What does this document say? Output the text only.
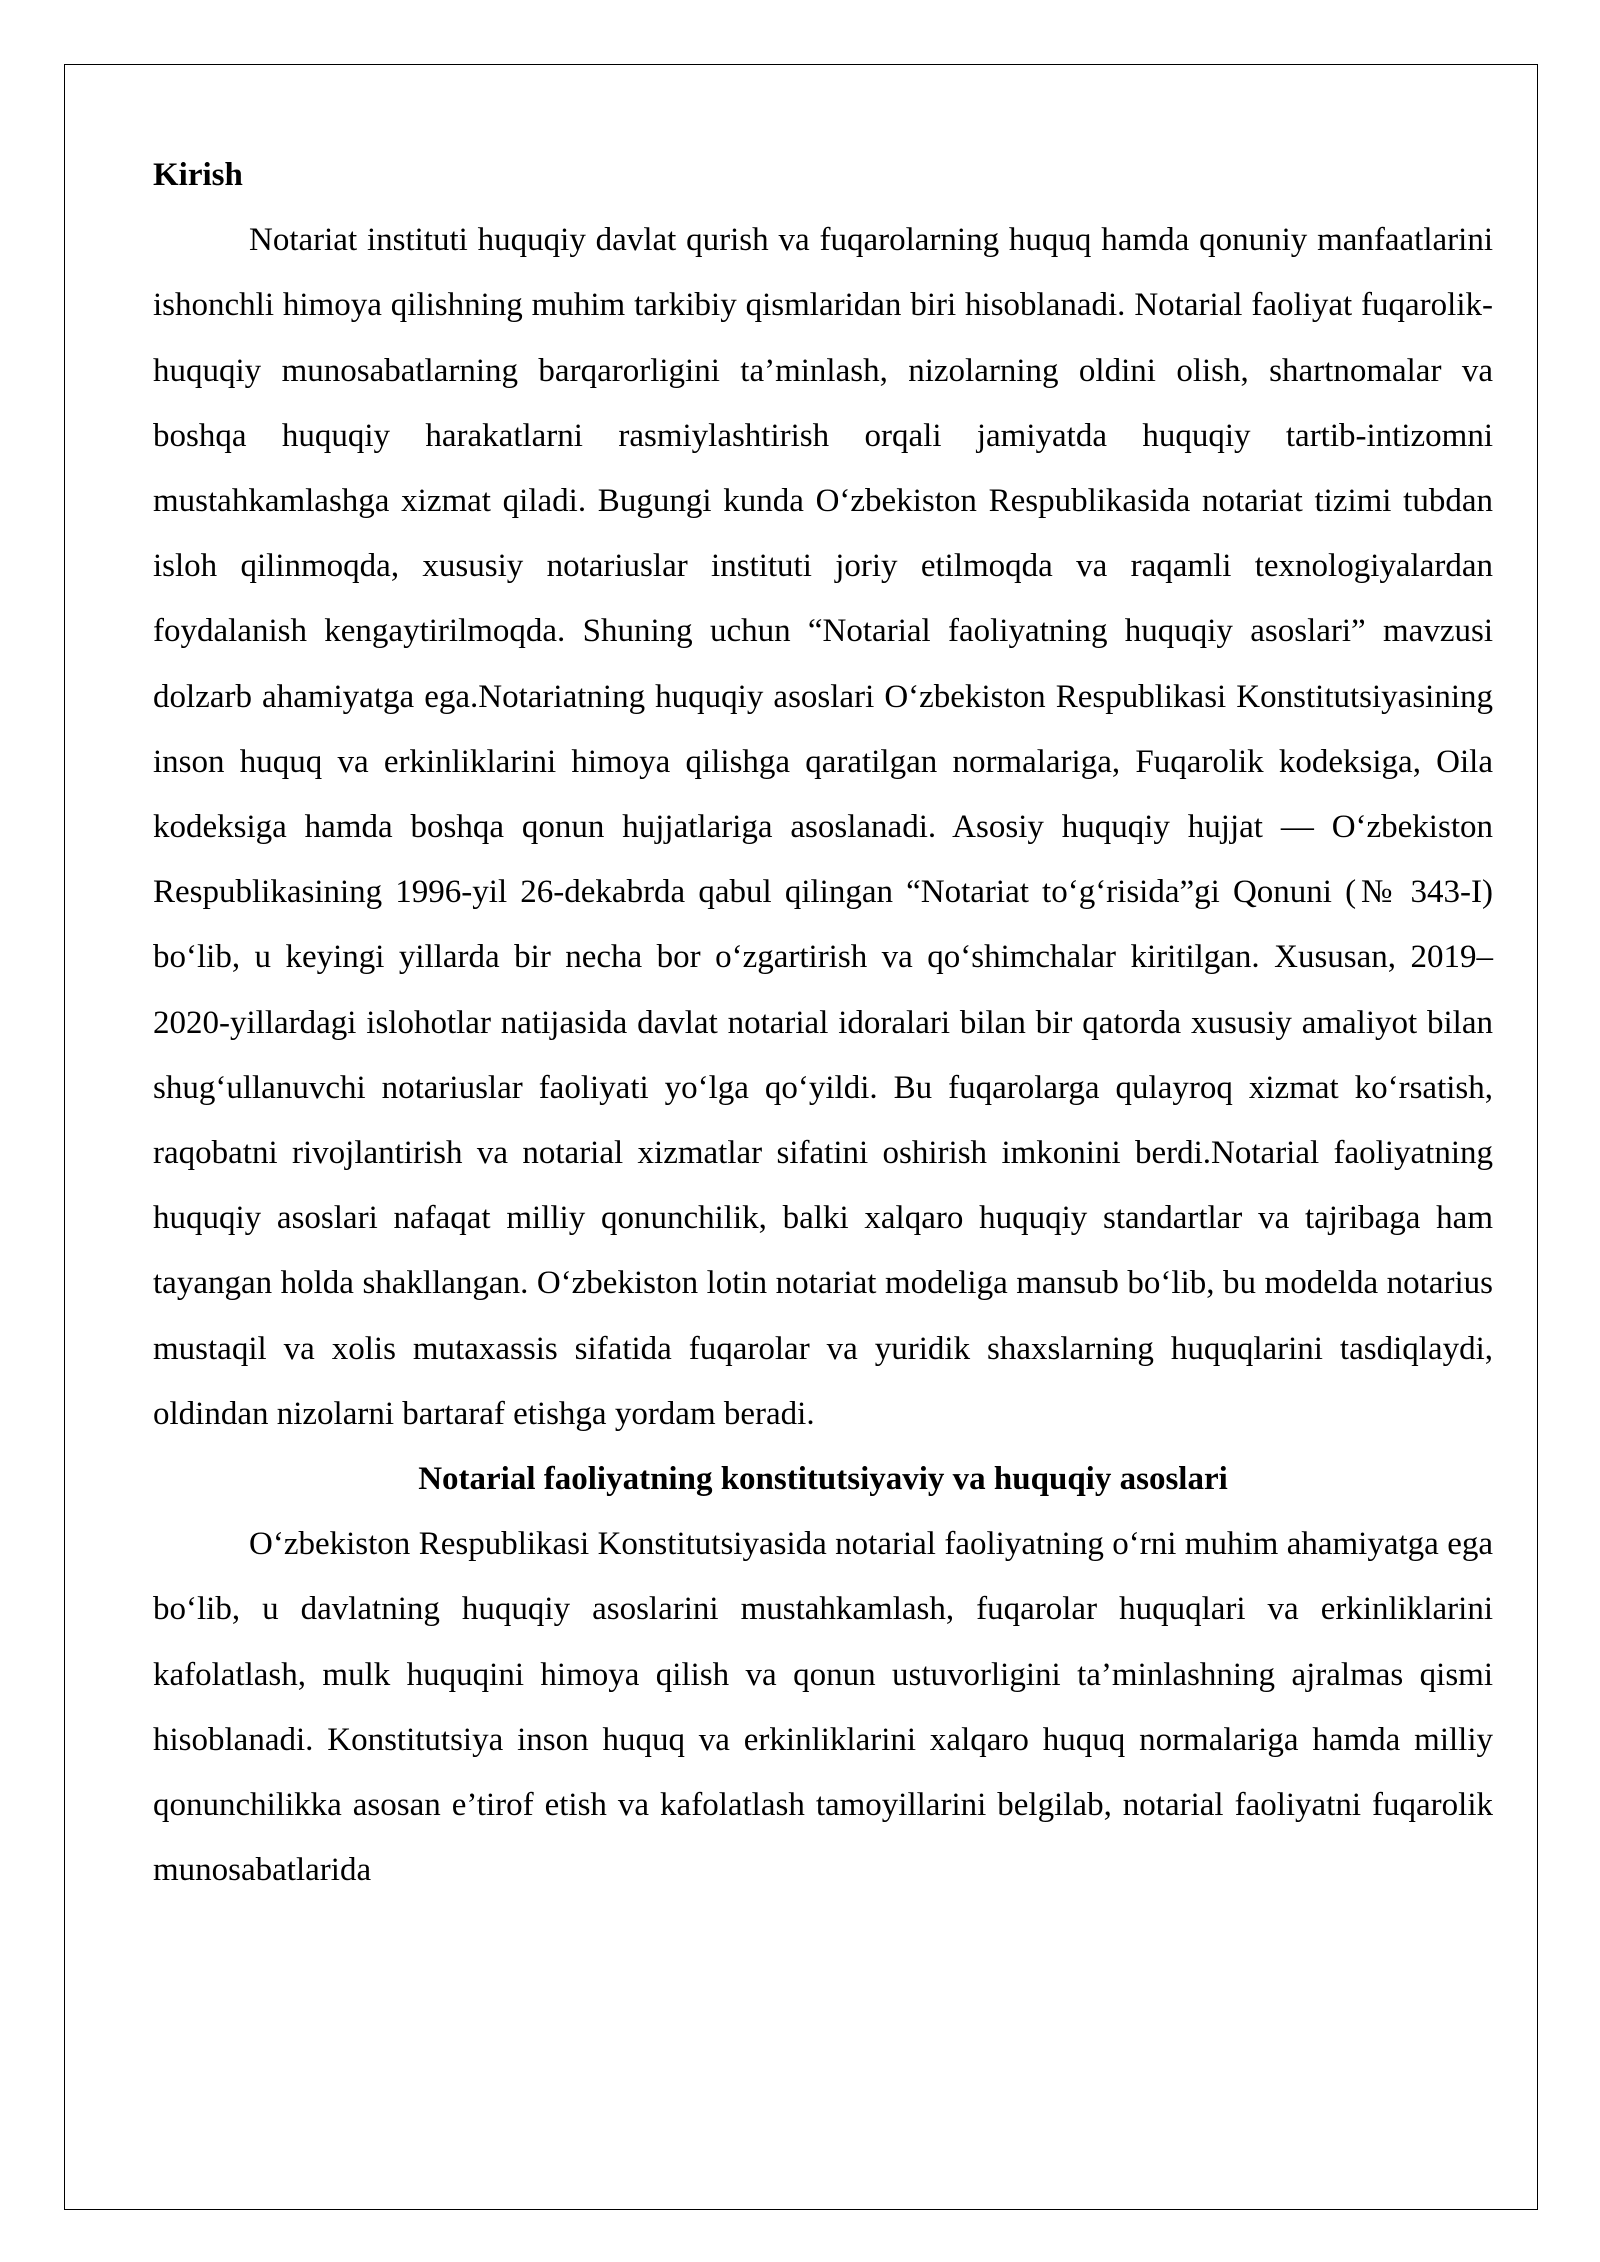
Kirish

Notariat instituti huquqiy davlat qurish va fuqarolarning huquq hamda qonuniy manfaatlarini ishonchli himoya qilishning muhim tarkibiy qismlaridan biri hisoblanadi. Notarial faoliyat fuqarolik-huquqiy munosabatlarning barqarorligini ta’minlash, nizolarning oldini olish, shartnomalar va boshqa huquqiy harakatlarni rasmiylashtirish orqali jamiyatda huquqiy tartib-intizomni mustahkamlashga xizmat qiladi. Bugungi kunda O‘zbekiston Respublikasida notariat tizimi tubdan isloh qilinmoqda, xususiy notariuslar instituti joriy etilmoqda va raqamli texnologiyalardan foydalanish kengaytirilmoqda. Shuning uchun “Notarial faoliyatning huquqiy asoslari” mavzusi dolzarb ahamiyatga ega.Notariatning huquqiy asoslari O‘zbekiston Respublikasi Konstitutsiyasining inson huquq va erkinliklarini himoya qilishga qaratilgan normalariga, Fuqarolik kodeksiga, Oila kodeksiga hamda boshqa qonun hujjatlariga asoslanadi. Asosiy huquqiy hujjat — O‘zbekiston Respublikasining 1996-yil 26-dekabrda qabul qilingan “Notariat to‘g‘risida”gi Qonuni (№ 343-I) bo‘lib, u keyingi yillarda bir necha bor o‘zgartirish va qo‘shimchalar kiritilgan. Xususan, 2019–2020-yillardagi islohotlar natijasida davlat notarial idoralari bilan bir qatorda xususiy amaliyot bilan shug‘ullanuvchi notariuslar faoliyati yo‘lga qo‘yildi. Bu fuqarolarga qulayroq xizmat ko‘rsatish, raqobatni rivojlantirish va notarial xizmatlar sifatini oshirish imkonini berdi.Notarial faoliyatning huquqiy asoslari nafaqat milliy qonunchilik, balki xalqaro huquqiy standartlar va tajribaga ham tayangan holda shakllangan. O‘zbekiston lotin notariat modeliga mansub bo‘lib, bu modelda notarius mustaqil va xolis mutaxassis sifatida fuqarolar va yuridik shaxslarning huquqlarini tasdiqlaydi, oldindan nizolarni bartaraf etishga yordam beradi.

Notarial faoliyatning konstitutsiyaviy va huquqiy asoslari

O‘zbekiston Respublikasi Konstitutsiyasida notarial faoliyatning o‘rni muhim ahamiyatga ega bo‘lib, u davlatning huquqiy asoslarini mustahkamlash, fuqarolar huquqlari va erkinliklarini kafolatlash, mulk huquqini himoya qilish va qonun ustuvorligini ta’minlashning ajralmas qismi hisoblanadi. Konstitutsiya inson huquq va erkinliklarini xalqaro huquq normalariga hamda milliy qonunchilikka asosan e’tirof etish va kafolatlash tamoyillarini belgilab, notarial faoliyatni fuqarolik munosabatlarida
